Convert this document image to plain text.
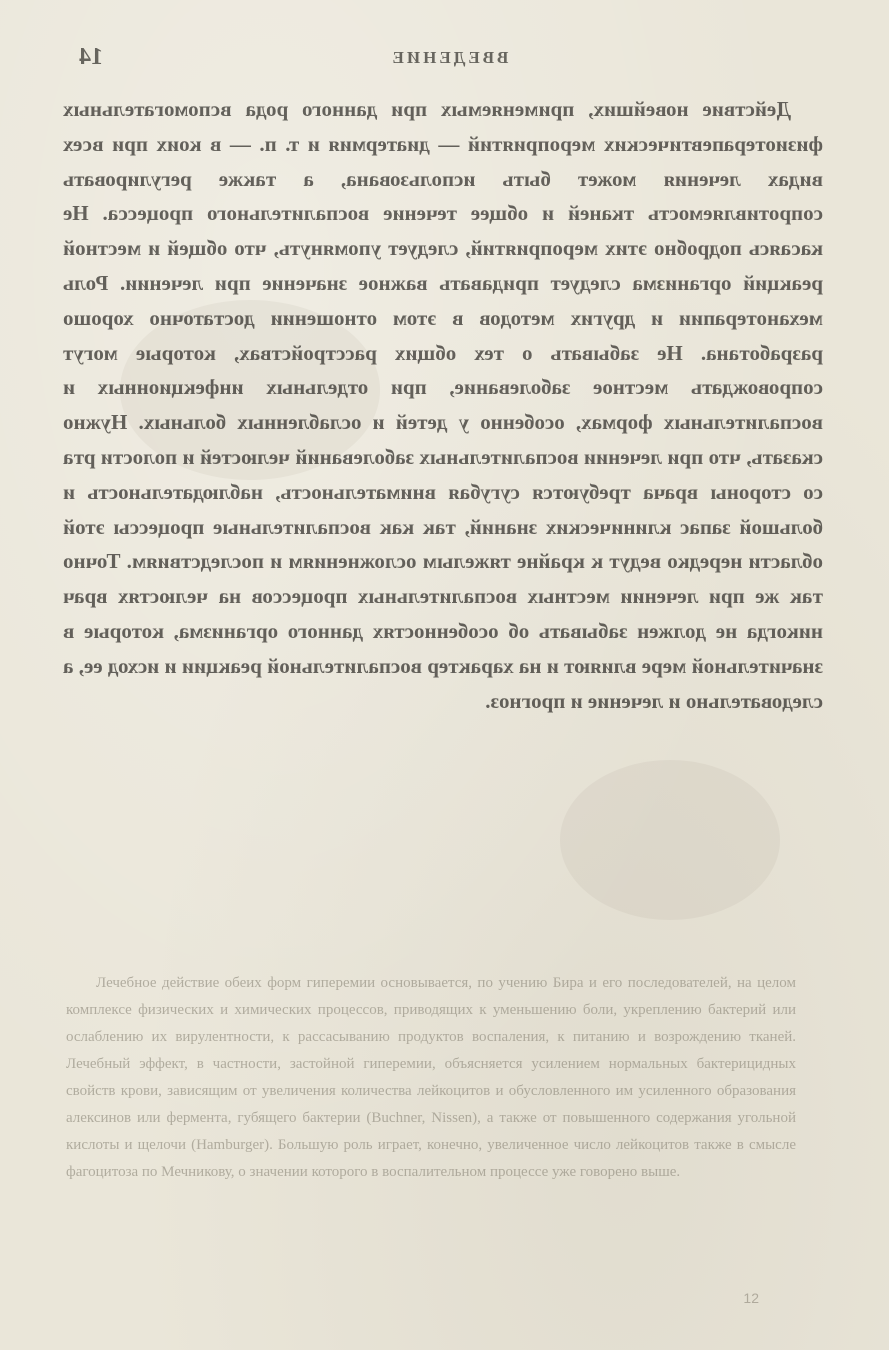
14	ВВЕДЕНИЕ

Действие новейших, применяемых при данного рода вспомогательных физиотерапевтических мероприятий — диатермия и т. п. — в коих при всех видах лечения может быть использована, а также регулировать сопротивляемость тканей и общее течение воспалительного процесса. Не касаясь подробно этих мероприятий, следует упомянуть, что общей и местной реакций организма следует придавать важное значение при лечении. Роль механотерапии и других методов в этом отношении достаточно хорошо разработана. Не забывать о тех общих расстройствах, которые могут сопровождать местное заболевание, при отдельных инфекционных и воспалительных формах, особенно у детей и ослабленных больных. Нужно сказать, что при лечении воспалительных заболеваний челюстей и полости рта со стороны врача требуются сугубая внимательность, наблюдательность и большой запас клинических знаний, так как воспалительные процессы этой области нередко ведут к крайне тяжелым осложнениям и последствиям. Точно так же при лечении местных воспалительных процессов на челюстях врач никогда не должен забывать об особенностях данного организма, которые в значительной мере влияют и на характер воспалительной реакции и исход ее, а следовательно и лечение и прогноз.

Лечебное действие обеих форм гиперемии основывается, по учению Бира и его последователей, на целом комплексе физических и химических процессов, приводящих к уменьшению боли, укреплению бактерий или ослаблению их вирулентности, к рассасыванию продуктов воспаления, к питанию и возрождению тканей. Лечебный эффект, в частности, застойной гиперемии, объясняется усилением нормальных бактерицидных свойств крови, зависящим от увеличения количества лейкоцитов и обусловленного им усиленного образования алексинов или фермента, губящего бактерии (Buchner, Nissen), а также от повышенного содержания угольной кислоты и щелочи (Hamburger). Большую роль играет, конечно, увеличенное число лейкоцитов также в смысле фагоцитоза по Мечникову, о значении которого в воспалительном процессе уже говорено выше.

12
